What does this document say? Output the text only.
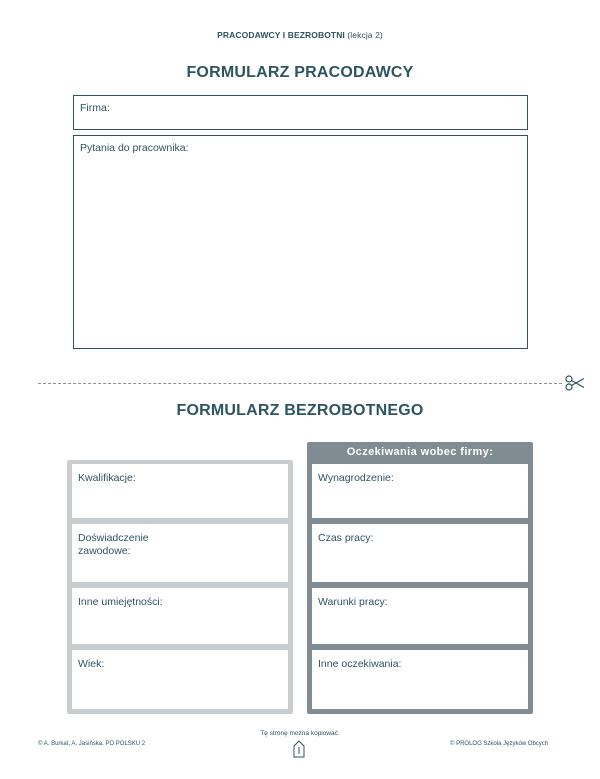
PRACODAWCY I BEZROBOTNI (lekcja 2)
FORMULARZ PRACODAWCY
Firma:
Pytania do pracownika:
FORMULARZ BEZROBOTNEGO
Oczekiwania wobec firmy:
Kwalifikacje:
Doświadczenie
zawodowe:
Inne umiejętności:
Wiek:
Wynagrodzenie:
Czas pracy:
Warunki pracy:
Inne oczekiwania:
Tę stronę można kopiować.
© A. Burkat, A. Jasińska, PO POLSKU 2	© PROLOG Szkoła Języków Obcych
